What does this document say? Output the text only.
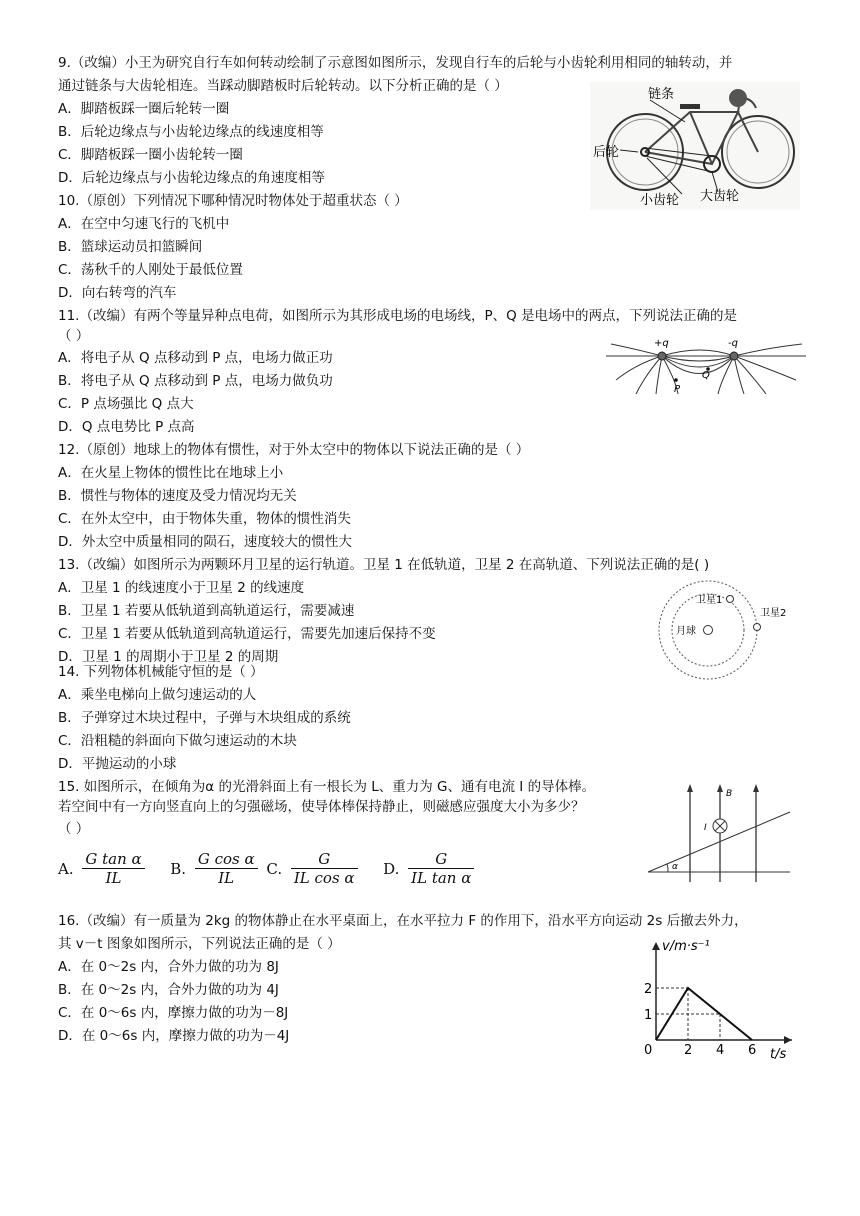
9.（改编）小王为研究自行车如何转动绘制了示意图如图所示，发现自行车的后轮与小齿轮利用相同的轴转动，并
通过链条与大齿轮相连。当踩动脚踏板时后轮转动。以下分析正确的是（ ）
A．脚踏板踩一圈后轮转一圈
B．后轮边缘点与小齿轮边缘点的线速度相等
C．脚踏板踩一圈小齿轮转一圈
D．后轮边缘点与小齿轮边缘点的角速度相等
链条
后轮
小齿轮 大齿轮
10.（原创）下列情况下哪种情况时物体处于超重状态（ ）
A．在空中匀速飞行的飞机中
B．篮球运动员扣篮瞬间
C．荡秋千的人刚处于最低位置
D．向右转弯的汽车
11.（改编）有两个等量异种点电荷，如图所示为其形成电场的电场线，P、Q 是电场中的两点，下列说法正确的是
（ ）
A．将电子从 Q 点移动到 P 点，电场力做正功
B．将电子从 Q 点移动到 P 点，电场力做负功
C．P 点场强比 Q 点大
D．Q 点电势比 P 点高
+q	-q
Q
P
12.（原创）地球上的物体有惯性，对于外太空中的物体以下说法正确的是（ ）
A．在火星上物体的惯性比在地球上小
B．惯性与物体的速度及受力情况均无关
C．在外太空中，由于物体失重，物体的惯性消失
D．外太空中质量相同的陨石，速度较大的惯性大
13.（改编）如图所示为两颗环月卫星的运行轨道。卫星 1 在低轨道，卫星 2 在高轨道、下列说法正确的是( )
A．卫星 1 的线速度小于卫星 2 的线速度
B．卫星 1 若要从低轨道到高轨道运行，需要减速
C．卫星 1 若要从低轨道到高轨道运行，需要先加速后保持不变
D．卫星 1 的周期小于卫星 2 的周期
卫星1
卫星2
月球
14. 下列物体机械能守恒的是（ ）
A．乘坐电梯向上做匀速运动的人
B．子弹穿过木块过程中，子弹与木块组成的系统
C．沿粗糙的斜面向下做匀速运动的木块
D．平抛运动的小球
15. 如图所示，在倾角为α 的光滑斜面上有一根长为 L、重力为 G、通有电流 I 的导体棒。
若空间中有一方向竖直向上的匀强磁场，使导体棒保持静止，则磁感应强度大小为多少？
（ ）
A. $\frac{\text{G tan α}}{IL} B$. $\frac{\text{G cos α}}{IL} C$. $\frac{G}{\text{IL cos α}} D$. $\frac{G}{\text{IL tan α}}$
B
I
α
16.（改编）有一质量为 2kg 的物体静止在水平桌面上，在水平拉力 F 的作用下，沿水平方向运动 2s 后撤去外力，
其 v－t 图象如图所示，下列说法正确的是（ ）
A．在 0～2s 内，合外力做的功为 8J
B．在 0～2s 内，合外力做的功为 4J
C．在 0～6s 内，摩擦力做的功为－8J
D．在 0～6s 内，摩擦力做的功为－4J
v/m·s⁻¹
t/s
0 2 4 6
1
2
